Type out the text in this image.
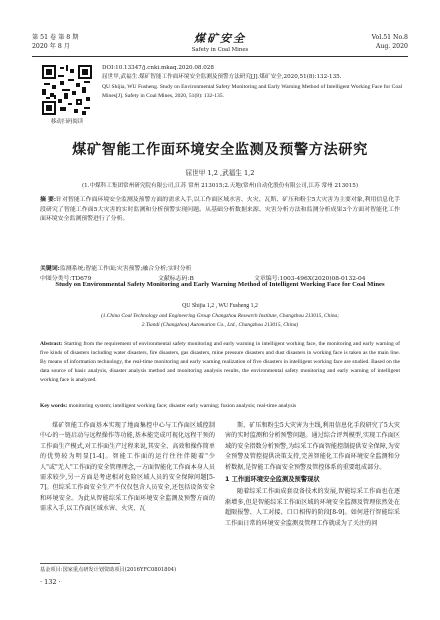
第 51 卷 第 8 期
2020 年 8 月
煤矿安全
Safety in Coal Mines
Vol.51 No.8
Aug. 2020
移动扫码阅读
DOI:10.13347/j.cnki.mkaq.2020.08.028
屈世甲,武福生.煤矿智能工作面环境安全监测及预警方法研究[J].煤矿安全,2020,51(8):132-135.
QU Shijia, WU Fusheng. Study on Environmental Safety Monitoring and Early Warning Method of Intelligent Working Face for Coal Mines[J]. Safety in Coal Mines, 2020, 51(8): 132-135.
煤矿智能工作面环境安全监测及预警方法研究
屈世甲 1,2 ,武福生 1,2
(1.中煤科工集团常州研究院有限公司,江苏 常州 213015;2.天地(常州)自动化股份有限公司,江苏 常州 213015)
摘 要:针对智能工作面环境安全监测及预警方面的需求入手,以工作面区域水害、火灾、瓦斯、矿压和粉尘5大灾害为主要对象,利用信息化手段研究了智能工作面5大灾害的实时监测和分析预警实现问题。从基础分析数据来源、灾害分析方法和监测分析成果3个方面对智能化工作面环境安全监测预警进行了分析。
关键词:监测系统;智能工作面;灾害预警;融合分析;实时分析
中图分类号:TD679	文献标志码:B	文章编号:1003-496X(2020)08-0132-04
Study on Environmental Safety Monitoring and Early Warning Method of Intelligent Working Face for Coal Mines
QU Shijia 1,2 , WU Fusheng 1,2
(1.China Coal Technology and Engineering Group Changzhou Research Institute, Changzhou 213015, China;
2.Tiandi (Changzhou) Automation Co., Ltd., Changzhou 213015, China)
Abstract: Starting from the requirement of environmental safety monitoring and early warning in intelligent working face, the monitoring and early warning of five kinds of disasters including water disasters, fire disasters, gas disasters, mine pressure disasters and dust disasters in working face is taken as the main line. By means of information technology, the real-time monitoring and early warning realization of five disasters in intelligent working face are studied. Based on the data source of basic analysis, disaster analysis method and monitoring analysis results, the environmental safety monitoring and early warning of intelligent working face is analyzed.
Key words: monitoring system; intelligent working face; disaster early warning; fusion analysis; real-time analysis

煤矿智能工作面基本实现了地面集控中心与工作面区域控制中心的一链启动与远程操作等功能,基本能完成可视化远程干预的工作面生产模式,对工作面生产过程来说,其安全、高效和操作简单的优势较为明显[1-4]。智能工作面的运行往往伴随着"少人"或"无人"工作面的安全管理理念,一方面智能化工作面本身人员需求较少,另一方面是考虑相对危险区域人员的安全保障问题[5-7]。但综采工作面安全生产不仅仅包含人员安全,还包括设备安全和环境安全。为此从智能综采工作面环境安全监测及预警方面的需求入手,以工作面区域水害、火灾、瓦

斯、矿压和粉尘5大灾害为主线,利用信息化手段研究了5大灾害的实时监测和分析预警问题。通过综合评判模型,实现工作面区域的安全指数分析预警,为综采工作面智能控制提供安全保障,为安全预警及管控提供决策支持,完善智能化工作面环境安全监测和分析数据,是智能工作面安全预警及管控体系的重要组成部分。

1 工作面环境安全监测及预警现状

随着综采工作面成套设备技术的发展,智能综采工作面也在逐渐增多,但是智能综采工作面区域的环境安全监测及管理依然处在超限报警、人工对接、口口相传的阶段[8-9]。如何进行智能综采工作面日常的环境安全监测及管理工作就成为了关注的问

基金项目:国家重点研发计划资助项目(2016YFC0801804)
· 132 ·
